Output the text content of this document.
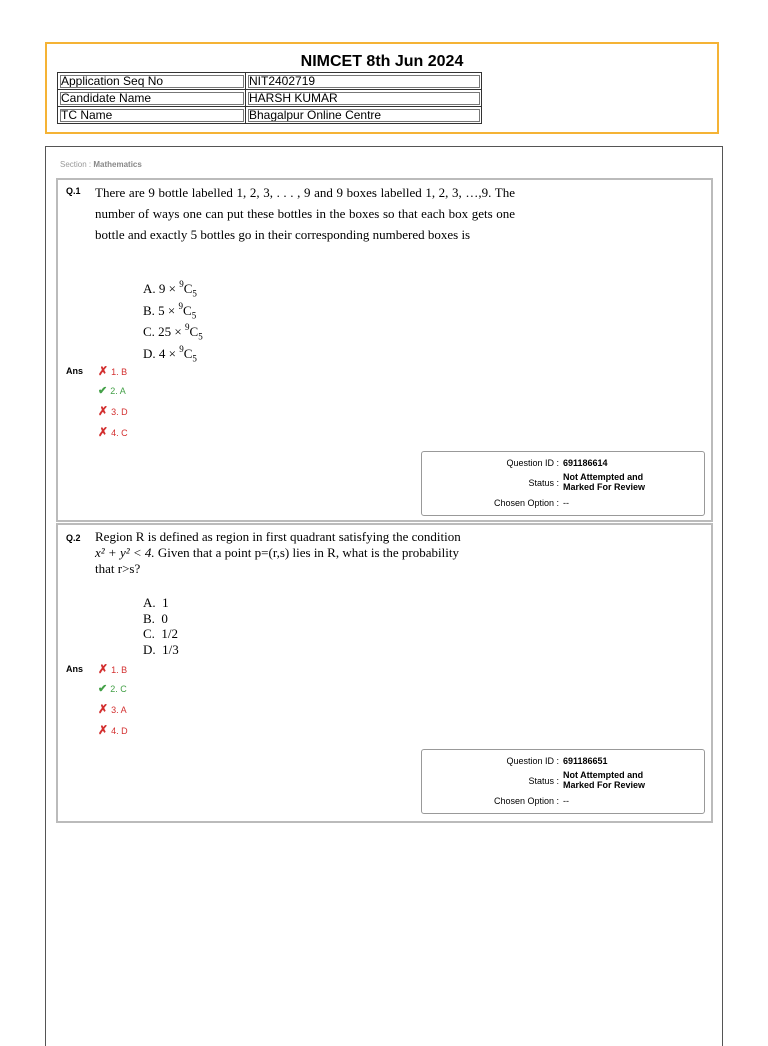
NIMCET 8th Jun 2024
Application Seq No	NIT2402719
Candidate Name	HARSH KUMAR
TC Name	Bhagalpur Online Centre
Section : Mathematics
Q.1 There are 9 bottle labelled 1, 2, 3, . . . , 9 and 9 boxes labelled 1, 2, 3, …,9. The number of ways one can put these bottles in the boxes so that each box gets one bottle and exactly 5 bottles go in their corresponding numbered boxes is
A. $9 \times ^9C_5$
B. $5 \times ^9C_5$
C. $25 \times ^9C_5$
D. $4 \times ^9C_5$
Ans ✗ 1. B
✔ 2. A
✗ 3. D
✗ 4. C
Question ID : 691186614
Status :
Not Attempted and
Marked For Review
Chosen Option : --
Q.2 Region R is defined as region in first quadrant satisfying the condition
x² + y² < 4. Given that a point p=(r,s) lies in R, what is the probability
that r>s?
A. 1
B. 0
C. 1/2
D. 1/3
Ans ✗ 1. B
✔ 2. C
✗ 3. A
✗ 4. D
Question ID : 691186651
Status :
Not Attempted and
Marked For Review
Chosen Option : --
